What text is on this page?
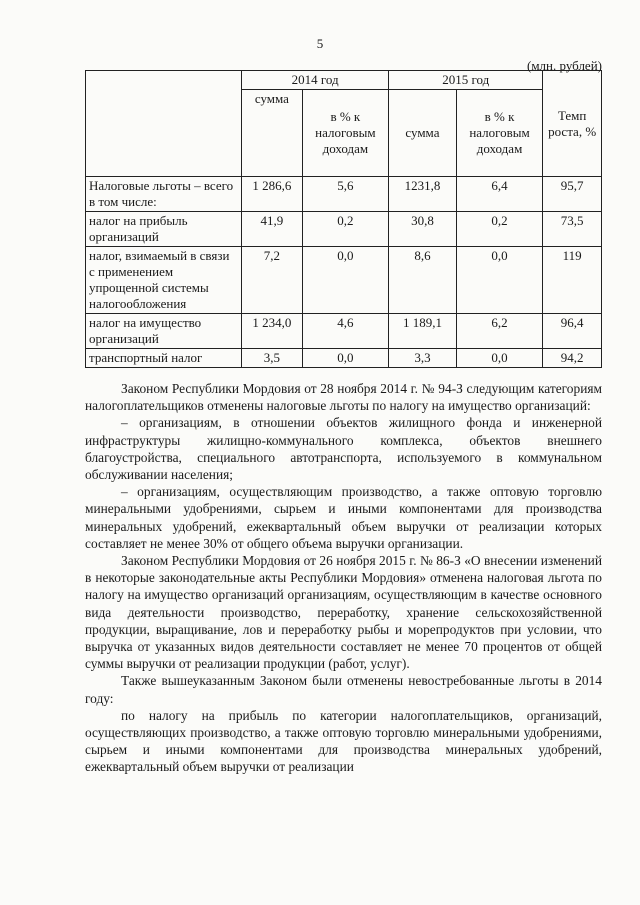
5
(млн. рублей)
	2014 год		2015 год		Темп роста, %
	сумма	в % к налоговым доходам	сумма	в % к налоговым доходам	
Налоговые льготы – всего в том числе:	1 286,6	5,6	1231,8	6,4	95,7
налог на прибыль организаций	41,9	0,2	30,8	0,2	73,5
налог, взимаемый в связи с применением упрощенной системы налогообложения	7,2	0,0	8,6	0,0	119
налог на имущество организаций	1 234,0	4,6	1 189,1	6,2	96,4
транспортный налог	3,5	0,0	3,3	0,0	94,2

Законом Республики Мордовия от 28 ноября 2014 г. № 94-З следующим категориям налогоплательщиков отменены налоговые льготы по налогу на имущество организаций:

– организациям, в отношении объектов жилищного фонда и инженерной инфраструктуры жилищно-коммунального комплекса, объектов внешнего благоустройства, специального автотранспорта, используемого в коммунальном обслуживании населения;

– организациям, осуществляющим производство, а также оптовую торговлю минеральными удобрениями, сырьем и иными компонентами для производства минеральных удобрений, ежеквартальный объем выручки от реализации которых составляет не менее 30% от общего объема выручки организации.

Законом Республики Мордовия от 26 ноября 2015 г. № 86-З «О внесении изменений в некоторые законодательные акты Республики Мордовия» отменена налоговая льгота по налогу на имущество организаций организациям, осуществляющим в качестве основного вида деятельности производство, переработку, хранение сельскохозяйственной продукции, выращивание, лов и переработку рыбы и морепродуктов при условии, что выручка от указанных видов деятельности составляет не менее 70 процентов от общей суммы выручки от реализации продукции (работ, услуг).

Также вышеуказанным Законом были отменены невостребованные льготы в 2014 году:

по налогу на прибыль по категории налогоплательщиков, организаций, осуществляющих производство, а также оптовую торговлю минеральными удобрениями, сырьем и иными компонентами для производства минеральных удобрений, ежеквартальный объем выручки от реализации
